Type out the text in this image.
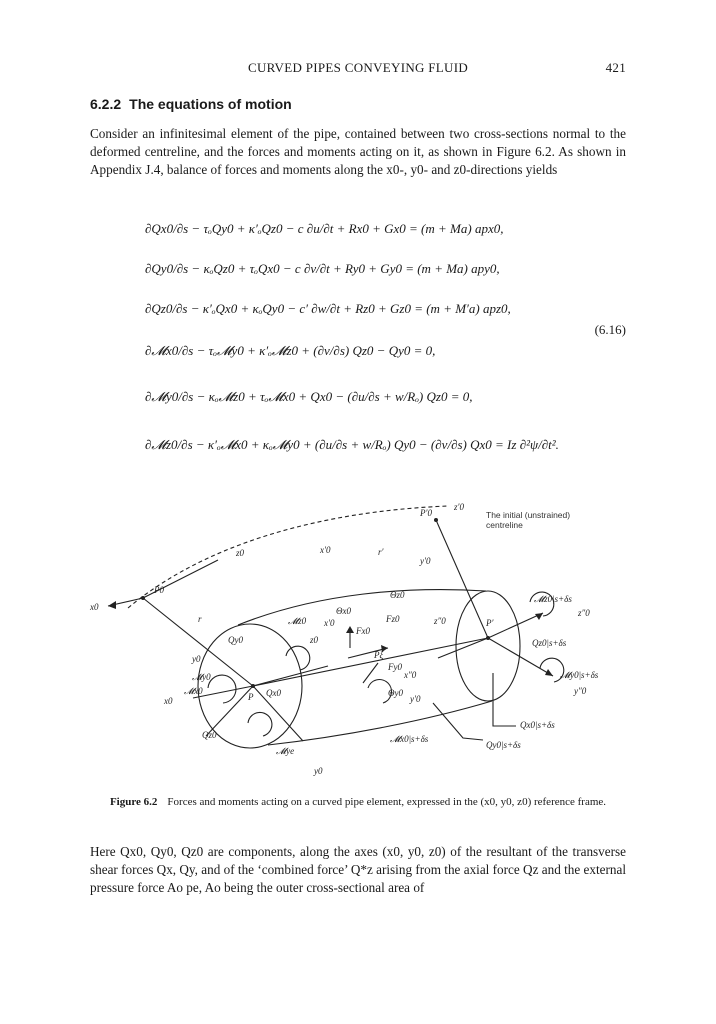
CURVED PIPES CONVEYING FLUID	421
6.2.2 The equations of motion

Consider an infinitesimal element of the pipe, contained between two cross-sections normal to the deformed centreline, and the forces and moments acting on it, as shown in Figure 6.2. As shown in Appendix J.4, balance of forces and moments along the x0-, y0- and z0-directions yields

∂Qx0/∂s − τₒQy0 + κ′ₒQz0 − c ∂u/∂t + Rx0 + Gx0 = (m + Ma) apx0,
∂Qy0/∂s − κₒQz0 + τₒQx0 − c ∂v/∂t + Ry0 + Gy0 = (m + Ma) apy0,
∂Qz0/∂s − κ′ₒQx0 + κₒQy0 − c′ ∂w/∂t + Rz0 + Gz0 = (m + M′a) apz0,
∂𝓜x0/∂s − τₒ𝓜y0 + κ′ₒ𝓜z0 + (∂v/∂s) Qz0 − Qy0 = 0,
∂𝓜y0/∂s − κₒ𝓜z0 + τₒ𝓜x0 + Qx0 − (∂u/∂s + w/Rₒ) Qz0 = 0,
∂𝓜z0/∂s − κ′ₒ𝓜x0 + κₒ𝓜y0 + (∂u/∂s + w/Rₒ) Qy0 − (∂v/∂s) Qx0 = Iz ∂²ψ/∂t².
(6.16)
P′0
z′0
The initial (unstrained)
centreline
z0	x′0	r′
y′0
P0
x0
r
Θx0
Θz0
𝓜z0
Qy0	z0
x′0
Fx0
Fz0	z″0	P′
Pξ
Fy0
x″0
y0
𝓜y0
𝓜x0
x0	P Qx0	Θy0
y′0
Qz0
𝓜ye
y0
𝓜z0|s+δs
z″0
Qz0|s+δs
𝓜y0|s+δs
y″0
Qx0|s+δs
𝓜x0|s+δs
Qy0|s+δs
Figure 6.2 Forces and moments acting on a curved pipe element, expressed in the (x0, y0, z0) reference frame.

Here Qx0, Qy0, Qz0 are components, along the axes (x0, y0, z0) of the resultant of the transverse shear forces Qx, Qy, and of the ‘combined force’ Q*z arising from the axial force Qz and the external pressure force Ao pe, Ao being the outer cross-sectional area of
